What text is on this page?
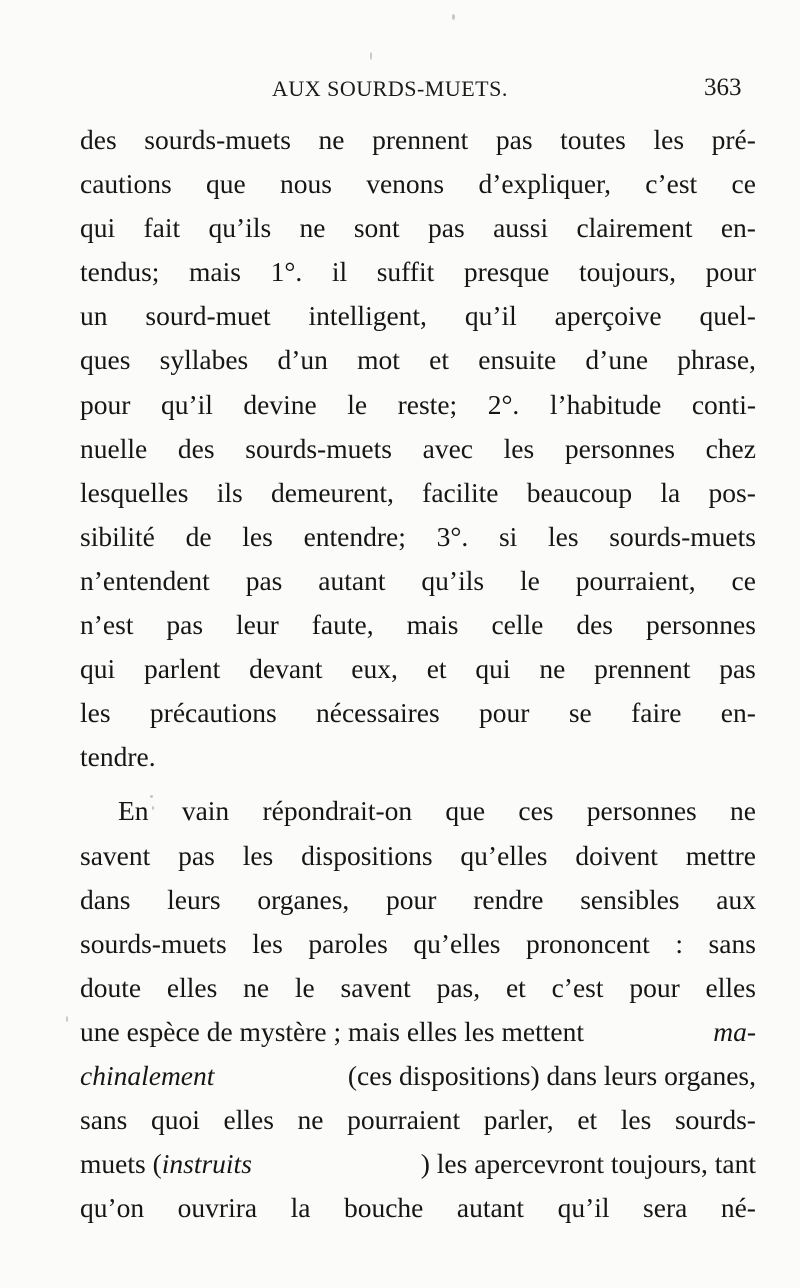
AUX SOURDS-MUETS.	363
des sourds-muets ne prennent pas toutes les pré-
cautions que nous venons d’expliquer, c’est ce
qui fait qu’ils ne sont pas aussi clairement en-
tendus; mais 1°. il suffit presque toujours, pour
un sourd-muet intelligent, qu’il aperçoive quel-
ques syllabes d’un mot et ensuite d’une phrase,
pour qu’il devine le reste; 2°. l’habitude conti-
nuelle des sourds-muets avec les personnes chez
lesquelles ils demeurent, facilite beaucoup la pos-
sibilité de les entendre; 3°. si les sourds-muets
n’entendent pas autant qu’ils le pourraient, ce
n’est pas leur faute, mais celle des personnes
qui parlent devant eux, et qui ne prennent pas
les précautions nécessaires pour se faire en-
tendre.
En vain répondrait-on que ces personnes ne
savent pas les dispositions qu’elles doivent mettre
dans leurs organes, pour rendre sensibles aux
sourds-muets les paroles qu’elles prononcent : sans
doute elles ne le savent pas, et c’est pour elles
une espèce de mystère ; mais elles les mettent	ma-
chinalement	(ces dispositions) dans leurs organes,
sans quoi elles ne pourraient parler, et les sourds-
muets (instruits	) les apercevront toujours, tant
qu’on ouvrira la bouche autant qu’il sera né-
